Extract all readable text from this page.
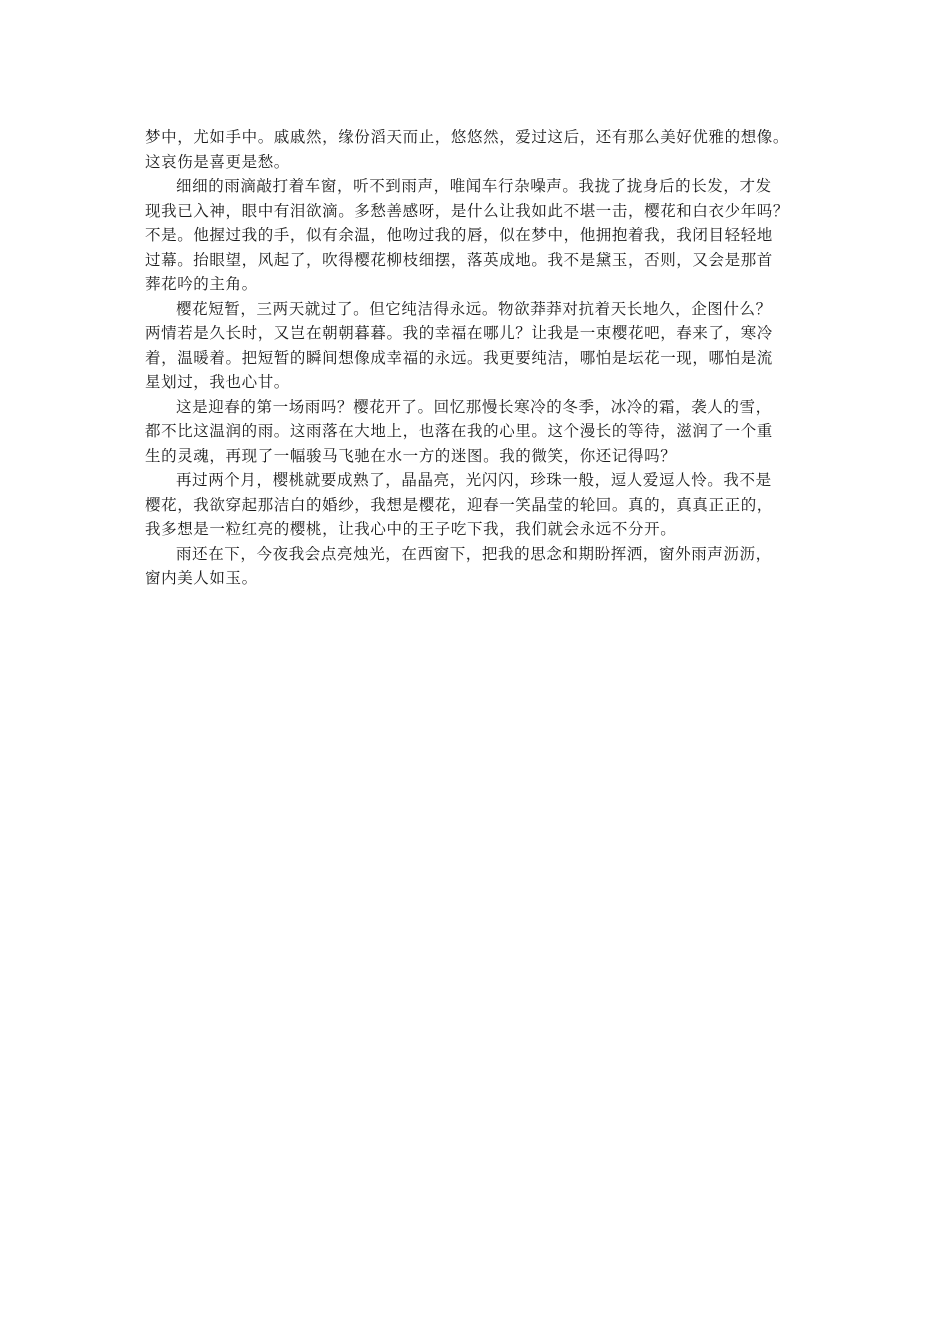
梦中，尤如手中。戚戚然，缘份滔天而止，悠悠然，爱过这后，还有那么美好优雅的想像。
这哀伤是喜更是愁。

细细的雨滴敲打着车窗，听不到雨声，唯闻车行杂噪声。我拢了拢身后的长发，才发
现我已入神，眼中有泪欲滴。多愁善感呀，是什么让我如此不堪一击，樱花和白衣少年吗？
不是。他握过我的手，似有余温，他吻过我的唇，似在梦中，他拥抱着我，我闭目轻轻地
过幕。抬眼望，风起了，吹得樱花柳枝细摆，落英成地。我不是黛玉，否则，又会是那首
葬花吟的主角。

樱花短暂，三两天就过了。但它纯洁得永远。物欲莽莽对抗着天长地久，企图什么？
两情若是久长时，又岂在朝朝暮暮。我的幸福在哪儿？让我是一束樱花吧，春来了，寒冷
着，温暖着。把短暂的瞬间想像成幸福的永远。我更要纯洁，哪怕是坛花一现，哪怕是流
星划过，我也心甘。

这是迎春的第一场雨吗？樱花开了。回忆那慢长寒冷的冬季，冰冷的霜，袭人的雪，
都不比这温润的雨。这雨落在大地上，也落在我的心里。这个漫长的等待，滋润了一个重
生的灵魂，再现了一幅骏马飞驰在水一方的迷图。我的微笑，你还记得吗？

再过两个月，樱桃就要成熟了，晶晶亮，光闪闪，珍珠一般，逗人爱逗人怜。我不是
樱花，我欲穿起那洁白的婚纱，我想是樱花，迎春一笑晶莹的轮回。真的，真真正正的，
我多想是一粒红亮的樱桃，让我心中的王子吃下我，我们就会永远不分开。

雨还在下，今夜我会点亮烛光，在西窗下，把我的思念和期盼挥洒，窗外雨声沥沥，
窗内美人如玉。
